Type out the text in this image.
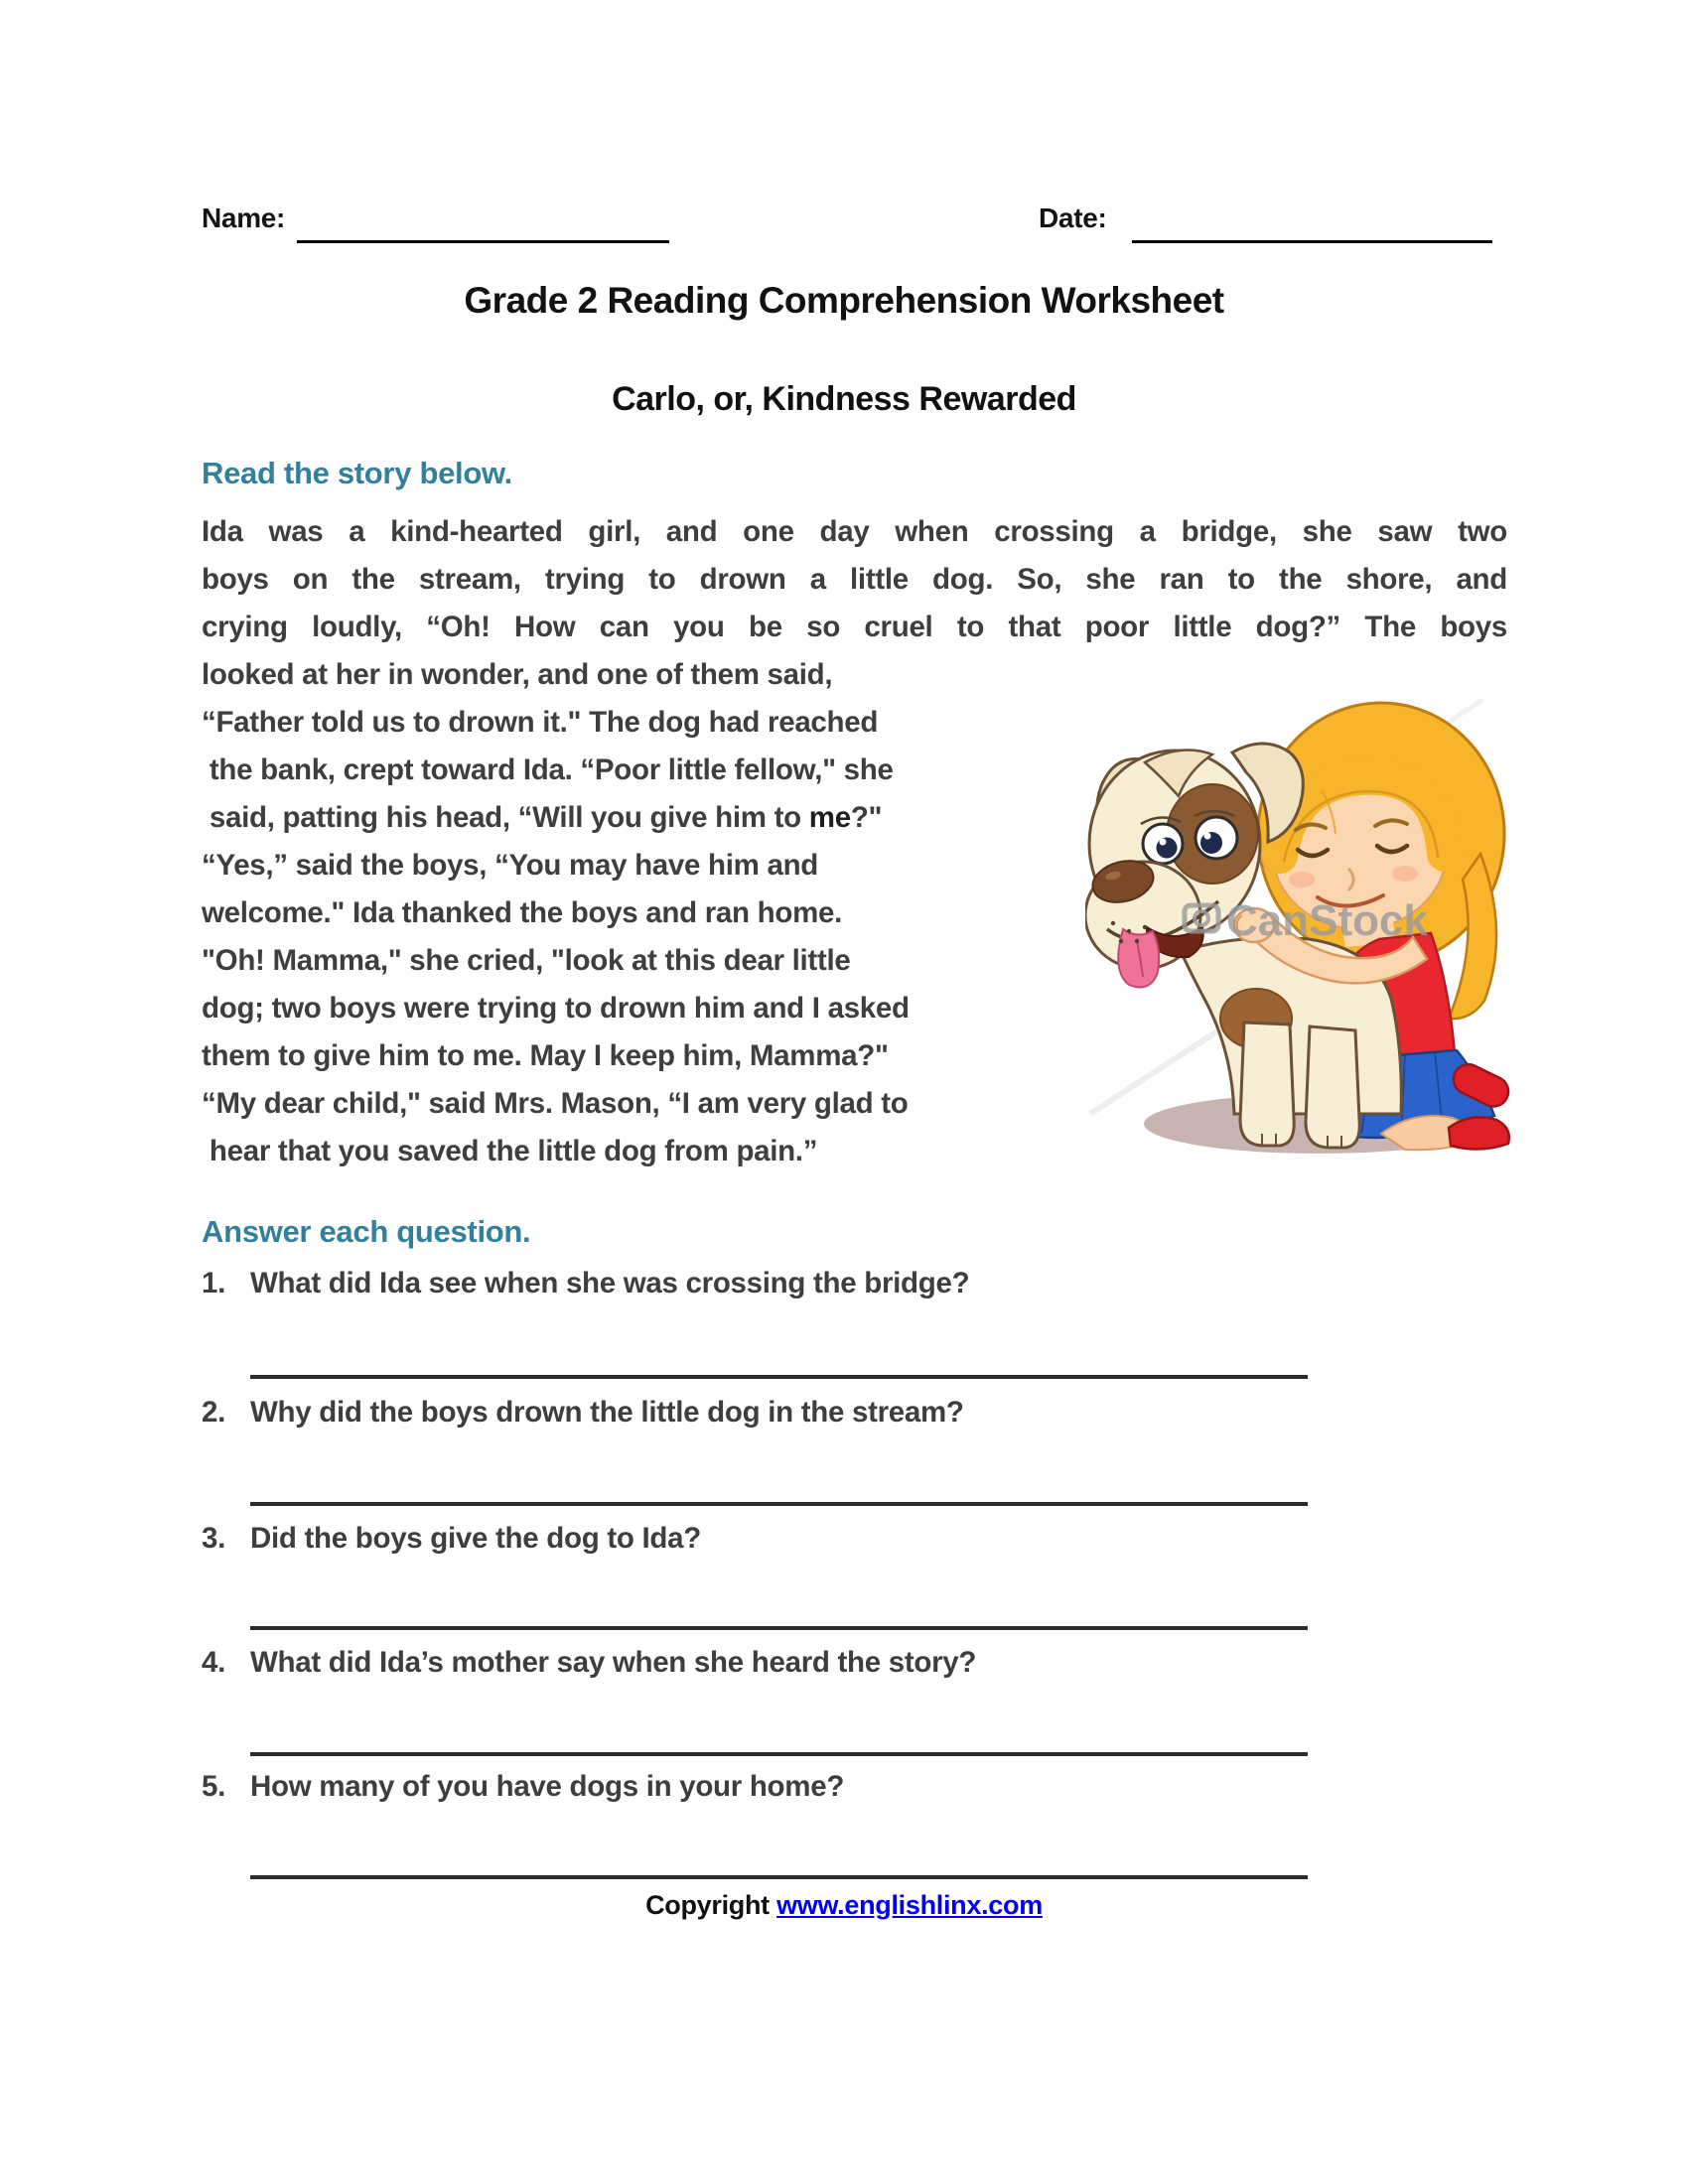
Name:	Date:
Grade 2 Reading Comprehension Worksheet
Carlo, or, Kindness Rewarded
Read the story below.
Ida was a kind-hearted girl, and one day when crossing a bridge, she saw two
boys on the stream, trying to drown a little dog. So, she ran to the shore, and
crying loudly, “Oh! How can you be so cruel to that poor little dog?” The boys
looked at her in wonder, and one of them said,
“Father told us to drown it." The dog had reached
the bank, crept toward Ida. “Poor little fellow," she
said, patting his head, “Will you give him to me?"
“Yes,” said the boys, “You may have him and
welcome." Ida thanked the boys and ran home.
"Oh! Mamma," she cried, "look at this dear little
dog; two boys were trying to drown him and I asked
them to give him to me. May I keep him, Mamma?"
“My dear child," said Mrs. Mason, “I am very glad to
hear that you saved the little dog from pain.”
CanStock
Answer each question.
1. What did Ida see when she was crossing the bridge?
2. Why did the boys drown the little dog in the stream?
3. Did the boys give the dog to Ida?
4. What did Ida’s mother say when she heard the story?
5. How many of you have dogs in your home?
Copyright www.englishlinx.com
